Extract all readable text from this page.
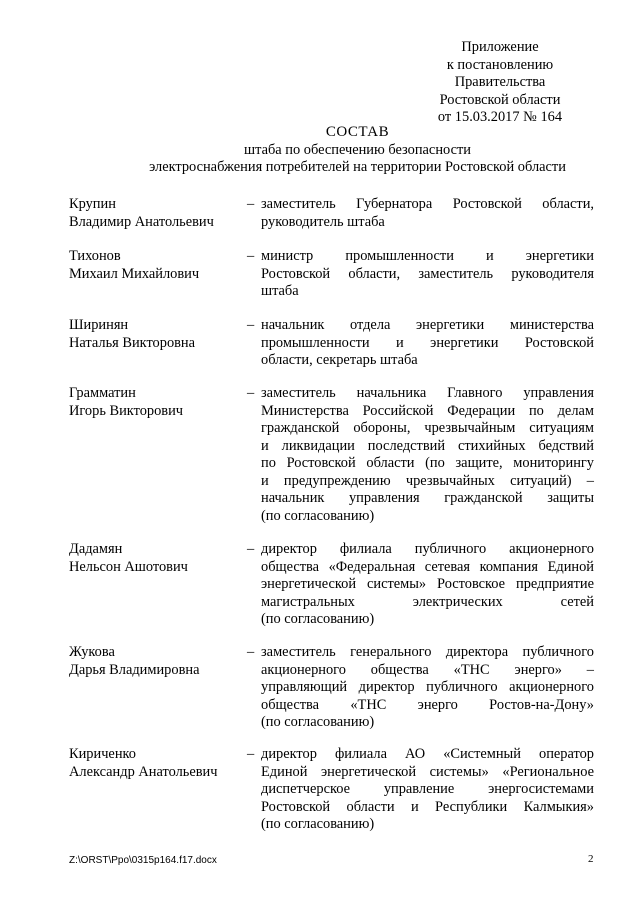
Приложение
к постановлению
Правительства
Ростовской области
от 15.03.2017 № 164
СОСТАВ
штаба по обеспечению безопасности
электроснабжения потребителей на территории Ростовской области
Крупин
Владимир Анатольевич
– заместитель Губернатора Ростовской области,
руководитель штаба
Тихонов
Михаил Михайлович
– министр промышленности и энергетики
Ростовской области, заместитель руководителя
штаба
Ширинян
Наталья Викторовна
– начальник отдела энергетики министерства
промышленности и энергетики Ростовской
области, секретарь штаба
Грамматин
Игорь Викторович
– заместитель начальника Главного управления
Министерства Российской Федерации по делам
гражданской обороны, чрезвычайным ситуациям
и ликвидации последствий стихийных бедствий
по Ростовской области (по защите, мониторингу
и предупреждению чрезвычайных ситуаций) –
начальник управления гражданской защиты
(по согласованию)
Дадамян
Нельсон Ашотович
– директор филиала публичного акционерного
общества «Федеральная сетевая компания Единой
энергетической системы» Ростовское предприятие
магистральных электрических сетей
(по согласованию)
Жукова
Дарья Владимировна
– заместитель генерального директора публичного
акционерного общества «ТНС энерго» –
управляющий директор публичного акционерного
общества «ТНС энерго Ростов-на-Дону»
(по согласованию)
Кириченко
Александр Анатольевич
– директор филиала АО «Системный оператор
Единой энергетической системы» «Региональное
диспетчерское управление энергосистемами
Ростовской области и Республики Калмыкия»
(по согласованию)
Z:\ORST\Ppo\0315p164.f17.docx	2
